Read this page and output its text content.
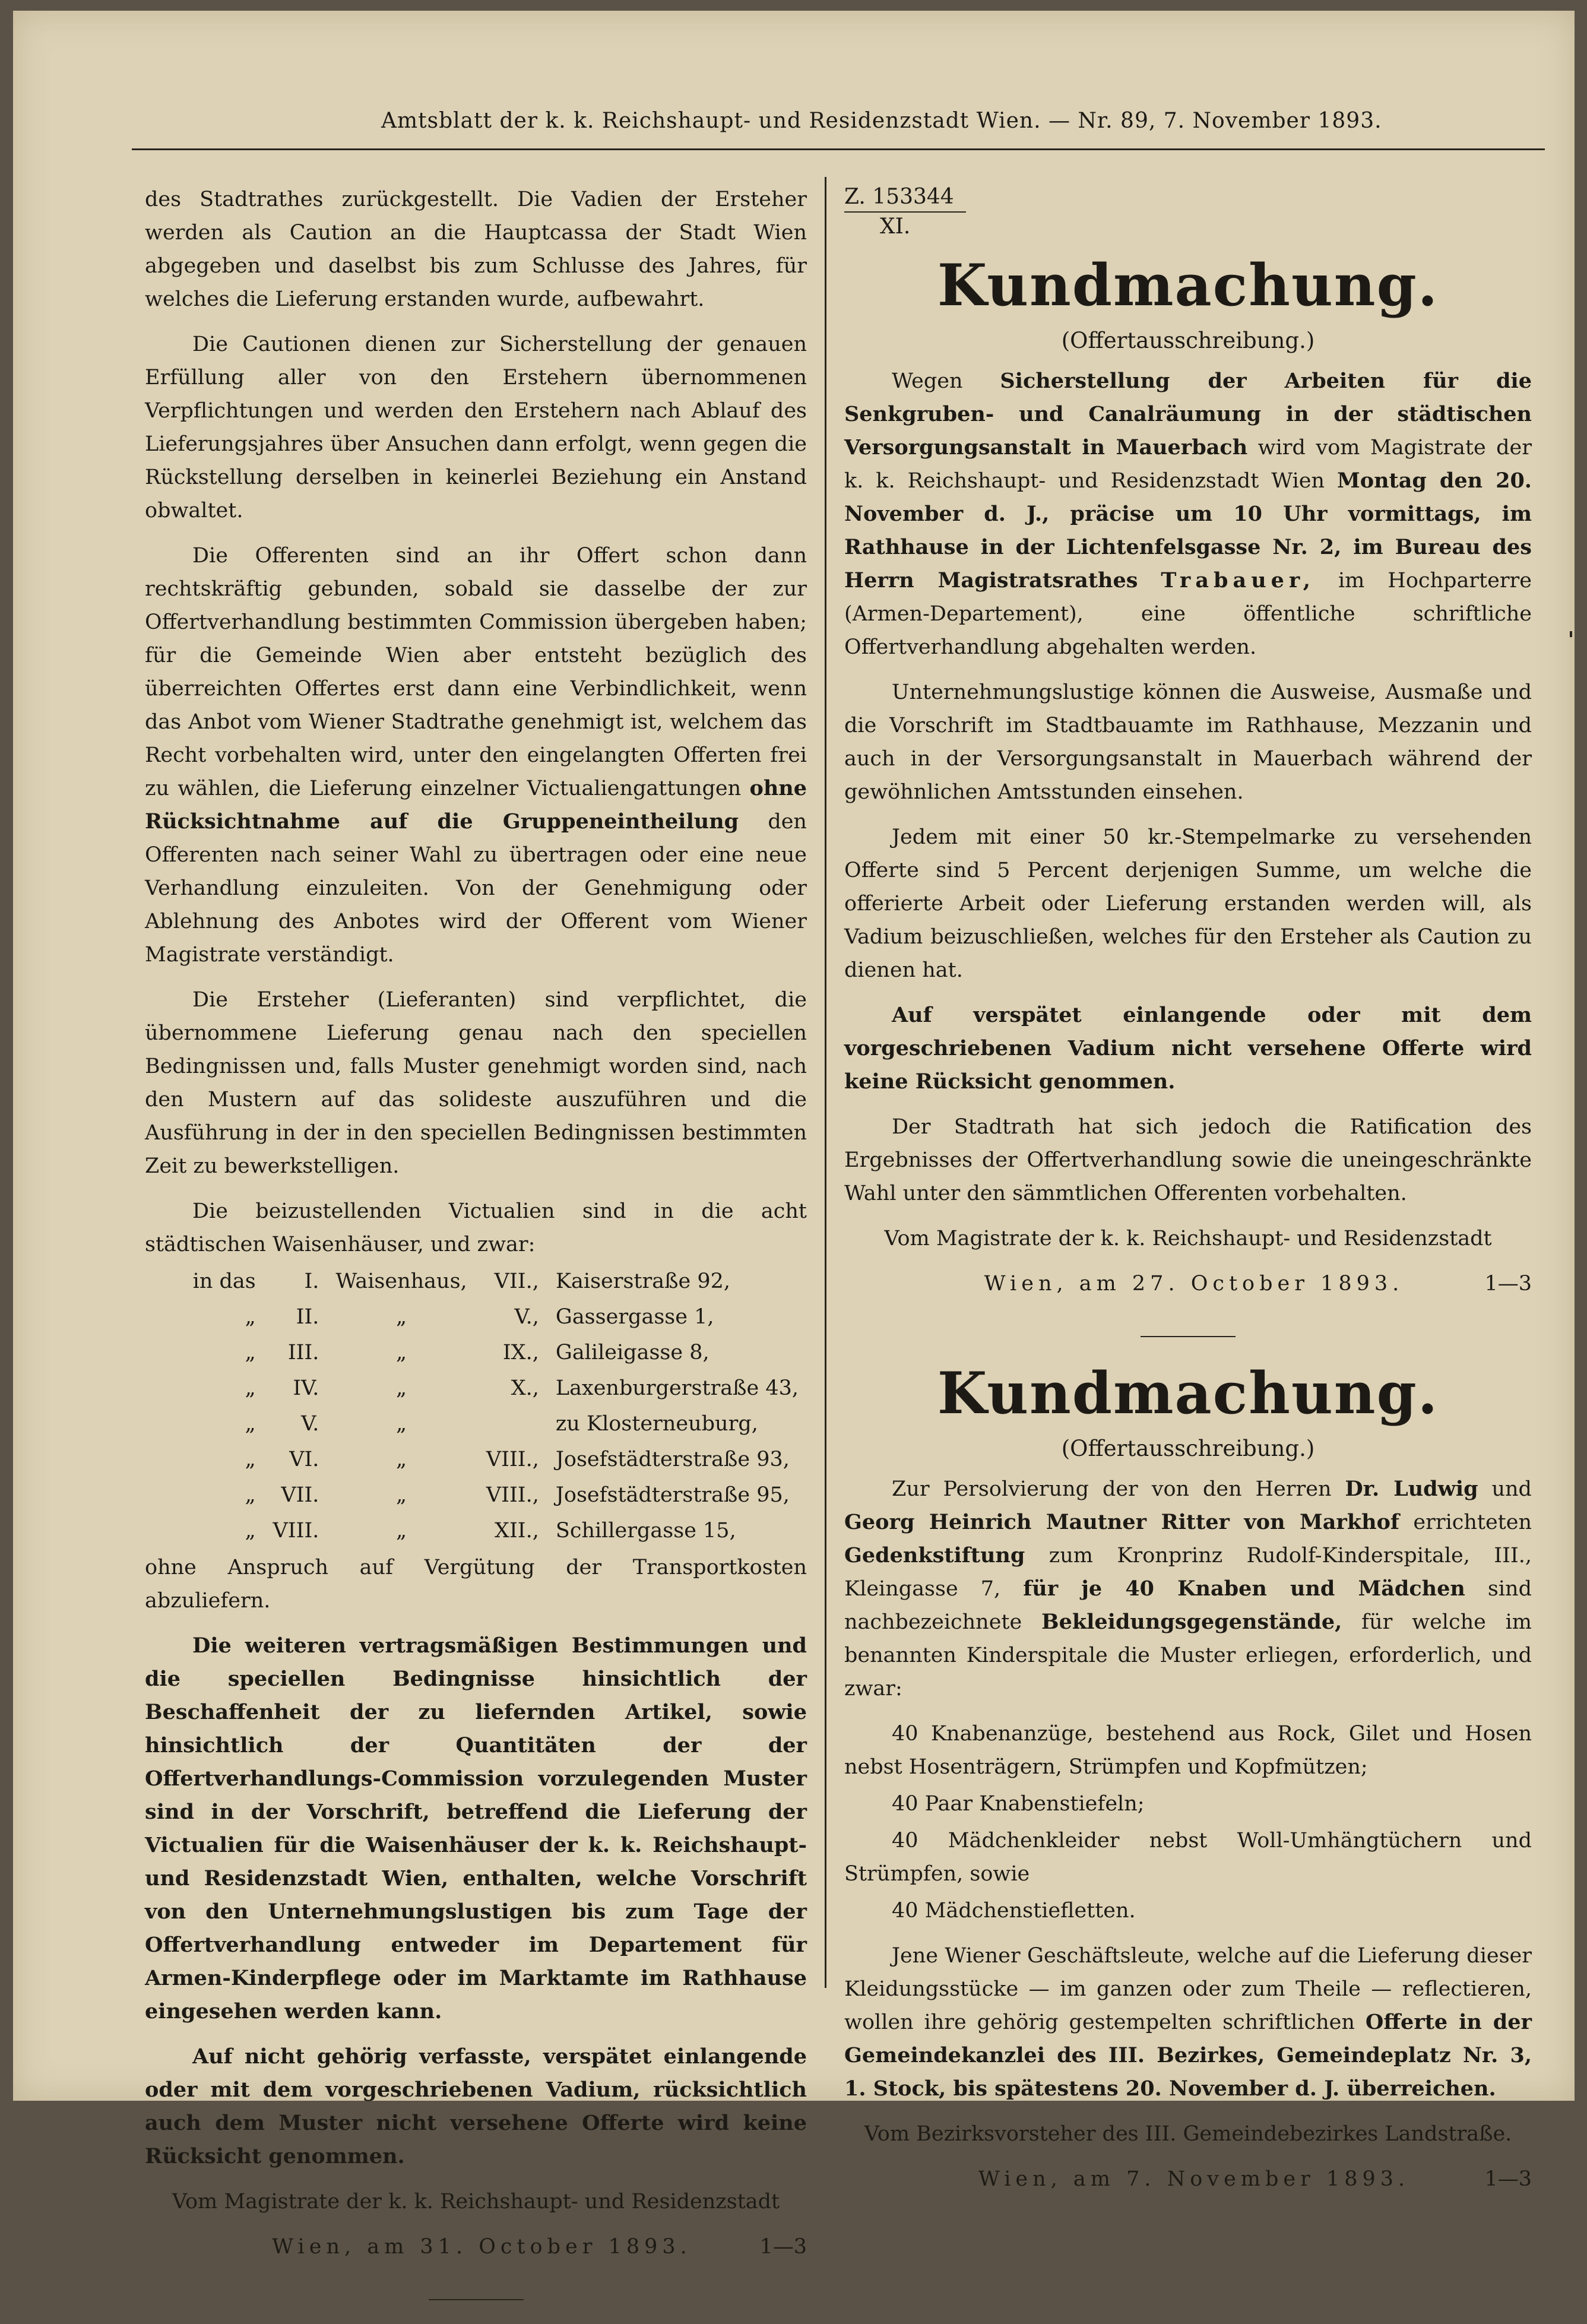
Amtsblatt der k. k. Reichshaupt- und Residenzstadt Wien. — Nr. 89, 7. November 1893.

des Stadtrathes zurückgestellt. Die Vadien der Ersteher werden als Caution an die Hauptcassa der Stadt Wien abgegeben und daselbst bis zum Schlusse des Jahres, für welches die Lieferung erstanden wurde, aufbewahrt.

Die Cautionen dienen zur Sicherstellung der genauen Erfüllung aller von den Erstehern übernommenen Verpflichtungen und werden den Erstehern nach Ablauf des Lieferungsjahres über Ansuchen dann erfolgt, wenn gegen die Rückstellung derselben in keinerlei Beziehung ein Anstand obwaltet.

Die Offerenten sind an ihr Offert schon dann rechtskräftig gebunden, sobald sie dasselbe der zur Offertverhandlung bestimmten Commission übergeben haben; für die Gemeinde Wien aber entsteht bezüglich des überreichten Offertes erst dann eine Verbindlichkeit, wenn das Anbot vom Wiener Stadtrathe genehmigt ist, welchem das Recht vorbehalten wird, unter den eingelangten Offerten frei zu wählen, die Lieferung einzelner Victualiengattungen ohne Rücksichtnahme auf die Gruppeneintheilung den Offerenten nach seiner Wahl zu übertragen oder eine neue Verhandlung einzuleiten. Von der Genehmigung oder Ablehnung des Anbotes wird der Offerent vom Wiener Magistrate verständigt.

Die Ersteher (Lieferanten) sind verpflichtet, die übernommene Lieferung genau nach den speciellen Bedingnissen und, falls Muster genehmigt worden sind, nach den Mustern auf das solideste auszuführen und die Ausführung in der in den speciellen Bedingnissen bestimmten Zeit zu bewerkstelligen.

Die beizustellenden Victualien sind in die acht städtischen Waisenhäuser, und zwar:

in das	I.	Waisenhaus,	VII.,	Kaiserstraße 92,
„	II.	„	V.,	Gassergasse 1,
„	III.	„	IX.,	Galileigasse 8,
„	IV.	„	X.,	Laxenburgerstraße 43,
„	V.	„		zu Klosterneuburg,
„	VI.	„	VIII.,	Josefstädterstraße 93,
„	VII.	„	VIII.,	Josefstädterstraße 95,
„	VIII.	„	XII.,	Schillergasse 15,

ohne Anspruch auf Vergütung der Transportkosten abzuliefern.

Die weiteren vertragsmäßigen Bestimmungen und die speciellen Bedingnisse hinsichtlich der Beschaffenheit der zu liefernden Artikel, sowie hinsichtlich der Quantitäten der der Offertverhandlungs-Commission vorzulegenden Muster sind in der Vorschrift, betreffend die Lieferung der Victualien für die Waisenhäuser der k. k. Reichshaupt- und Residenzstadt Wien, enthalten, welche Vorschrift von den Unternehmungslustigen bis zum Tage der Offertverhandlung entweder im Departement für Armen-Kinderpflege oder im Marktamte im Rathhause eingesehen werden kann.

Auf nicht gehörig verfasste, verspätet einlangende oder mit dem vorgeschriebenen Vadium, rücksichtlich auch dem Muster nicht versehene Offerte wird keine Rücksicht genommen.

Vom Magistrate der k. k. Reichshaupt- und Residenzstadt
Wien, am 31. October 1893.	1—3
Z. 153344
XI.
Kundmachung.
(Offertausschreibung.)

Wegen Sicherstellung der Arbeiten für die Senkgruben- und Canalräumung in der städtischen Versorgungsanstalt in Mauerbach wird vom Magistrate der k. k. Reichshaupt- und Residenzstadt Wien Montag den 20. November d. J., präcise um 10 Uhr vormittags, im Rathhause in der Lichtenfelsgasse Nr. 2, im Bureau des Herrn Magistratsrathes Trabauer, im Hochparterre (Armen-Departement), eine öffentliche schriftliche Offertverhandlung abgehalten werden.

Unternehmungslustige können die Ausweise, Ausmaße und die Vorschrift im Stadtbauamte im Rathhause, Mezzanin und auch in der Versorgungsanstalt in Mauerbach während der gewöhnlichen Amtsstunden einsehen.

Jedem mit einer 50 kr.-Stempelmarke zu versehenden Offerte sind 5 Percent derjenigen Summe, um welche die offerierte Arbeit oder Lieferung erstanden werden will, als Vadium beizuschließen, welches für den Ersteher als Caution zu dienen hat.

Auf verspätet einlangende oder mit dem vorgeschriebenen Vadium nicht versehene Offerte wird keine Rücksicht genommen.

Der Stadtrath hat sich jedoch die Ratification des Ergebnisses der Offertverhandlung sowie die uneingeschränkte Wahl unter den sämmtlichen Offerenten vorbehalten.

Vom Magistrate der k. k. Reichshaupt- und Residenzstadt
Wien, am 27. October 1893.	1—3
Kundmachung.
(Offertausschreibung.)

Zur Persolvierung der von den Herren Dr. Ludwig und Georg Heinrich Mautner Ritter von Markhof errichteten Gedenkstiftung zum Kronprinz Rudolf-Kinderspitale, III., Kleingasse 7, für je 40 Knaben und Mädchen sind nachbezeichnete Bekleidungsgegenstände, für welche im benannten Kinderspitale die Muster erliegen, erforderlich, und zwar:

40 Knabenanzüge, bestehend aus Rock, Gilet und Hosen nebst Hosenträgern, Strümpfen und Kopfmützen;

40 Paar Knabenstiefeln;

40 Mädchenkleider nebst Woll-Umhängtüchern und Strümpfen, sowie

40 Mädchenstiefletten.

Jene Wiener Geschäftsleute, welche auf die Lieferung dieser Kleidungsstücke — im ganzen oder zum Theile — reflectieren, wollen ihre gehörig gestempelten schriftlichen Offerte in der Gemeindekanzlei des III. Bezirkes, Gemeindeplatz Nr. 3, 1. Stock, bis spätestens 20. November d. J. überreichen.

Vom Bezirksvorsteher des III. Gemeindebezirkes Landstraße.
Wien, am 7. November 1893.	1—3
